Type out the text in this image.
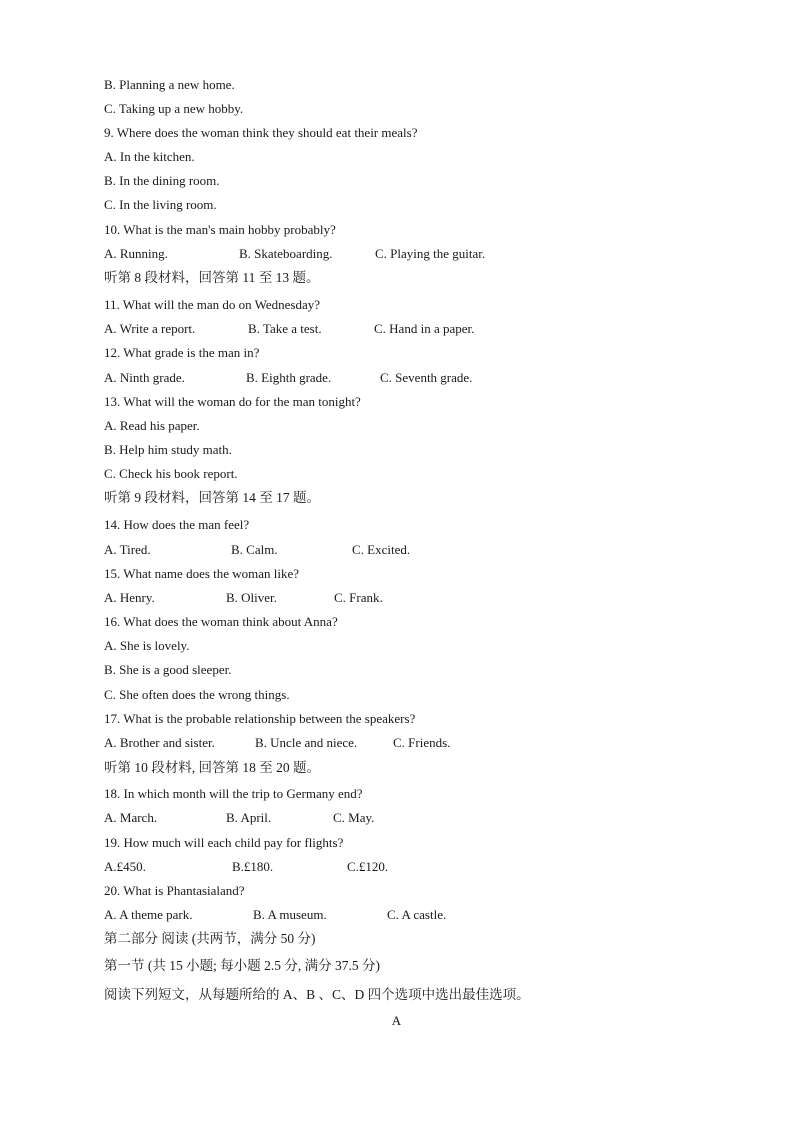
B. Planning a new home.
C. Taking up a new hobby.
9. Where does the woman think they should eat their meals?
A. In the kitchen.
B. In the dining room.
C. In the living room.
10. What is the man's main hobby probably?
A. Running.	B. Skateboarding.	C. Playing the guitar.
听第 8 段材料，回答第 11 至 13 题。
11. What will the man do on Wednesday?
A. Write a report.	B. Take a test.	C. Hand in a paper.
12. What grade is the man in?
A. Ninth grade.	B. Eighth grade.	C. Seventh grade.
13. What will the woman do for the man tonight?
A. Read his paper.
B. Help him study math.
C. Check his book report.
听第 9 段材料，回答第 14 至 17 题。
14. How does the man feel?
A. Tired.	B. Calm.	C. Excited.
15. What name does the woman like?
A. Henry.	B. Oliver.	C. Frank.
16. What does the woman think about Anna?
A. She is lovely.
B. She is a good sleeper.
C. She often does the wrong things.
17. What is the probable relationship between the speakers?
A. Brother and sister.	B. Uncle and niece.	C. Friends.
听第 10 段材料, 回答第 18 至 20 题。
18. In which month will the trip to Germany end?
A. March.	B. April.	C. May.
19. How much will each child pay for flights?
A.£450.	B.£180.	C.£120.
20. What is Phantasialand?
A. A theme park.	B. A museum.	C. A castle.
第二部分 阅读 (共两节，满分 50 分)
第一节 (共 15 小题; 每小题 2.5 分, 满分 37.5 分)
阅读下列短文，从每题所给的 A、B 、C、D 四个选项中选出最佳选项。
A
